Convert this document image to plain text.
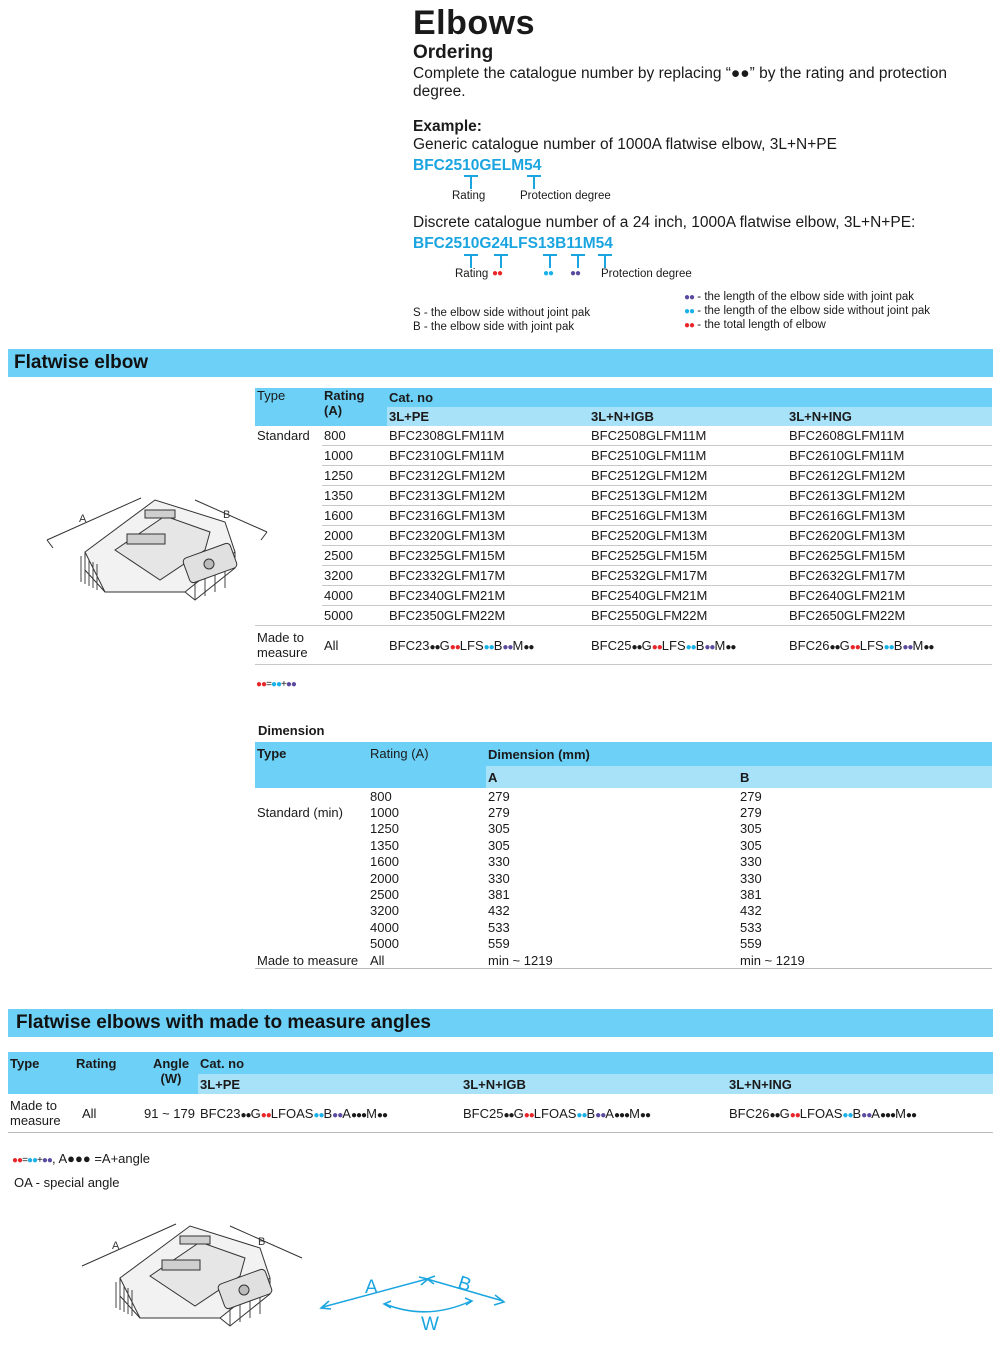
Elbows
Ordering
Complete the catalogue number by replacing “●●” by the rating and protection
degree.
Example:
Generic catalogue number of 1000A flatwise elbow, 3L+N+PE
BFC2510GELM54
Rating	Protection degree
Discrete catalogue number of a 24 inch, 1000A flatwise elbow, 3L+N+PE:
BFC2510G24LFS13B11M54
Rating ●●	●● ●● Protection degree
S - the elbow side without joint pak
B - the elbow side with joint pak
●● - the length of the elbow side with joint pak
●● - the length of the elbow side without joint pak
●● - the total length of elbow
Flatwise elbow
A	B
Type	Rating
(A)	Cat. no		
		3L+PE	3L+N+IGB	3L+N+ING
Standard	800	BFC2308GLFM11M	BFC2508GLFM11M	BFC2608GLFM11M
	1000	BFC2310GLFM11M	BFC2510GLFM11M	BFC2610GLFM11M
	1250	BFC2312GLFM12M	BFC2512GLFM12M	BFC2612GLFM12M
	1350	BFC2313GLFM12M	BFC2513GLFM12M	BFC2613GLFM12M
	1600	BFC2316GLFM13M	BFC2516GLFM13M	BFC2616GLFM13M
	2000	BFC2320GLFM13M	BFC2520GLFM13M	BFC2620GLFM13M
	2500	BFC2325GLFM15M	BFC2525GLFM15M	BFC2625GLFM15M
	3200	BFC2332GLFM17M	BFC2532GLFM17M	BFC2632GLFM17M
	4000	BFC2340GLFM21M	BFC2540GLFM21M	BFC2640GLFM21M
	5000	BFC2350GLFM22M	BFC2550GLFM22M	BFC2650GLFM22M
Made to
measure	All	BFC23●●G●●LFS●●B●●M●●	BFC25●●G●●LFS●●B●●M●●	BFC26●●G●●LFS●●B●●M●●
●●=●●+●●
Dimension
Type	Rating (A)	Dimension (mm)	
		A	B
	800	279	279
Standard (min)	1000	279	279
	1250	305	305
	1350	305	305
	1600	330	330
	2000	330	330
	2500	381	381
	3200	432	432
	4000	533	533
	5000	559	559
Made to measure	All	min ~ 1219	min ~ 1219
Flatwise elbows with made to measure angles
Type	Rating	Angle
(W)	Cat. no		
			3L+PE	3L+N+IGB	3L+N+ING
Made to
measure	All	91 ~ 179	BFC23●●G●●LFOAS●●B●●A●●●M●●	BFC25●●G●●LFOAS●●B●●A●●●M●●	BFC26●●G●●LFOAS●●B●●A●●●M●●
●●=●●+●●, A●●● =A+angle
OA - special angle
A	B
A	B
W
